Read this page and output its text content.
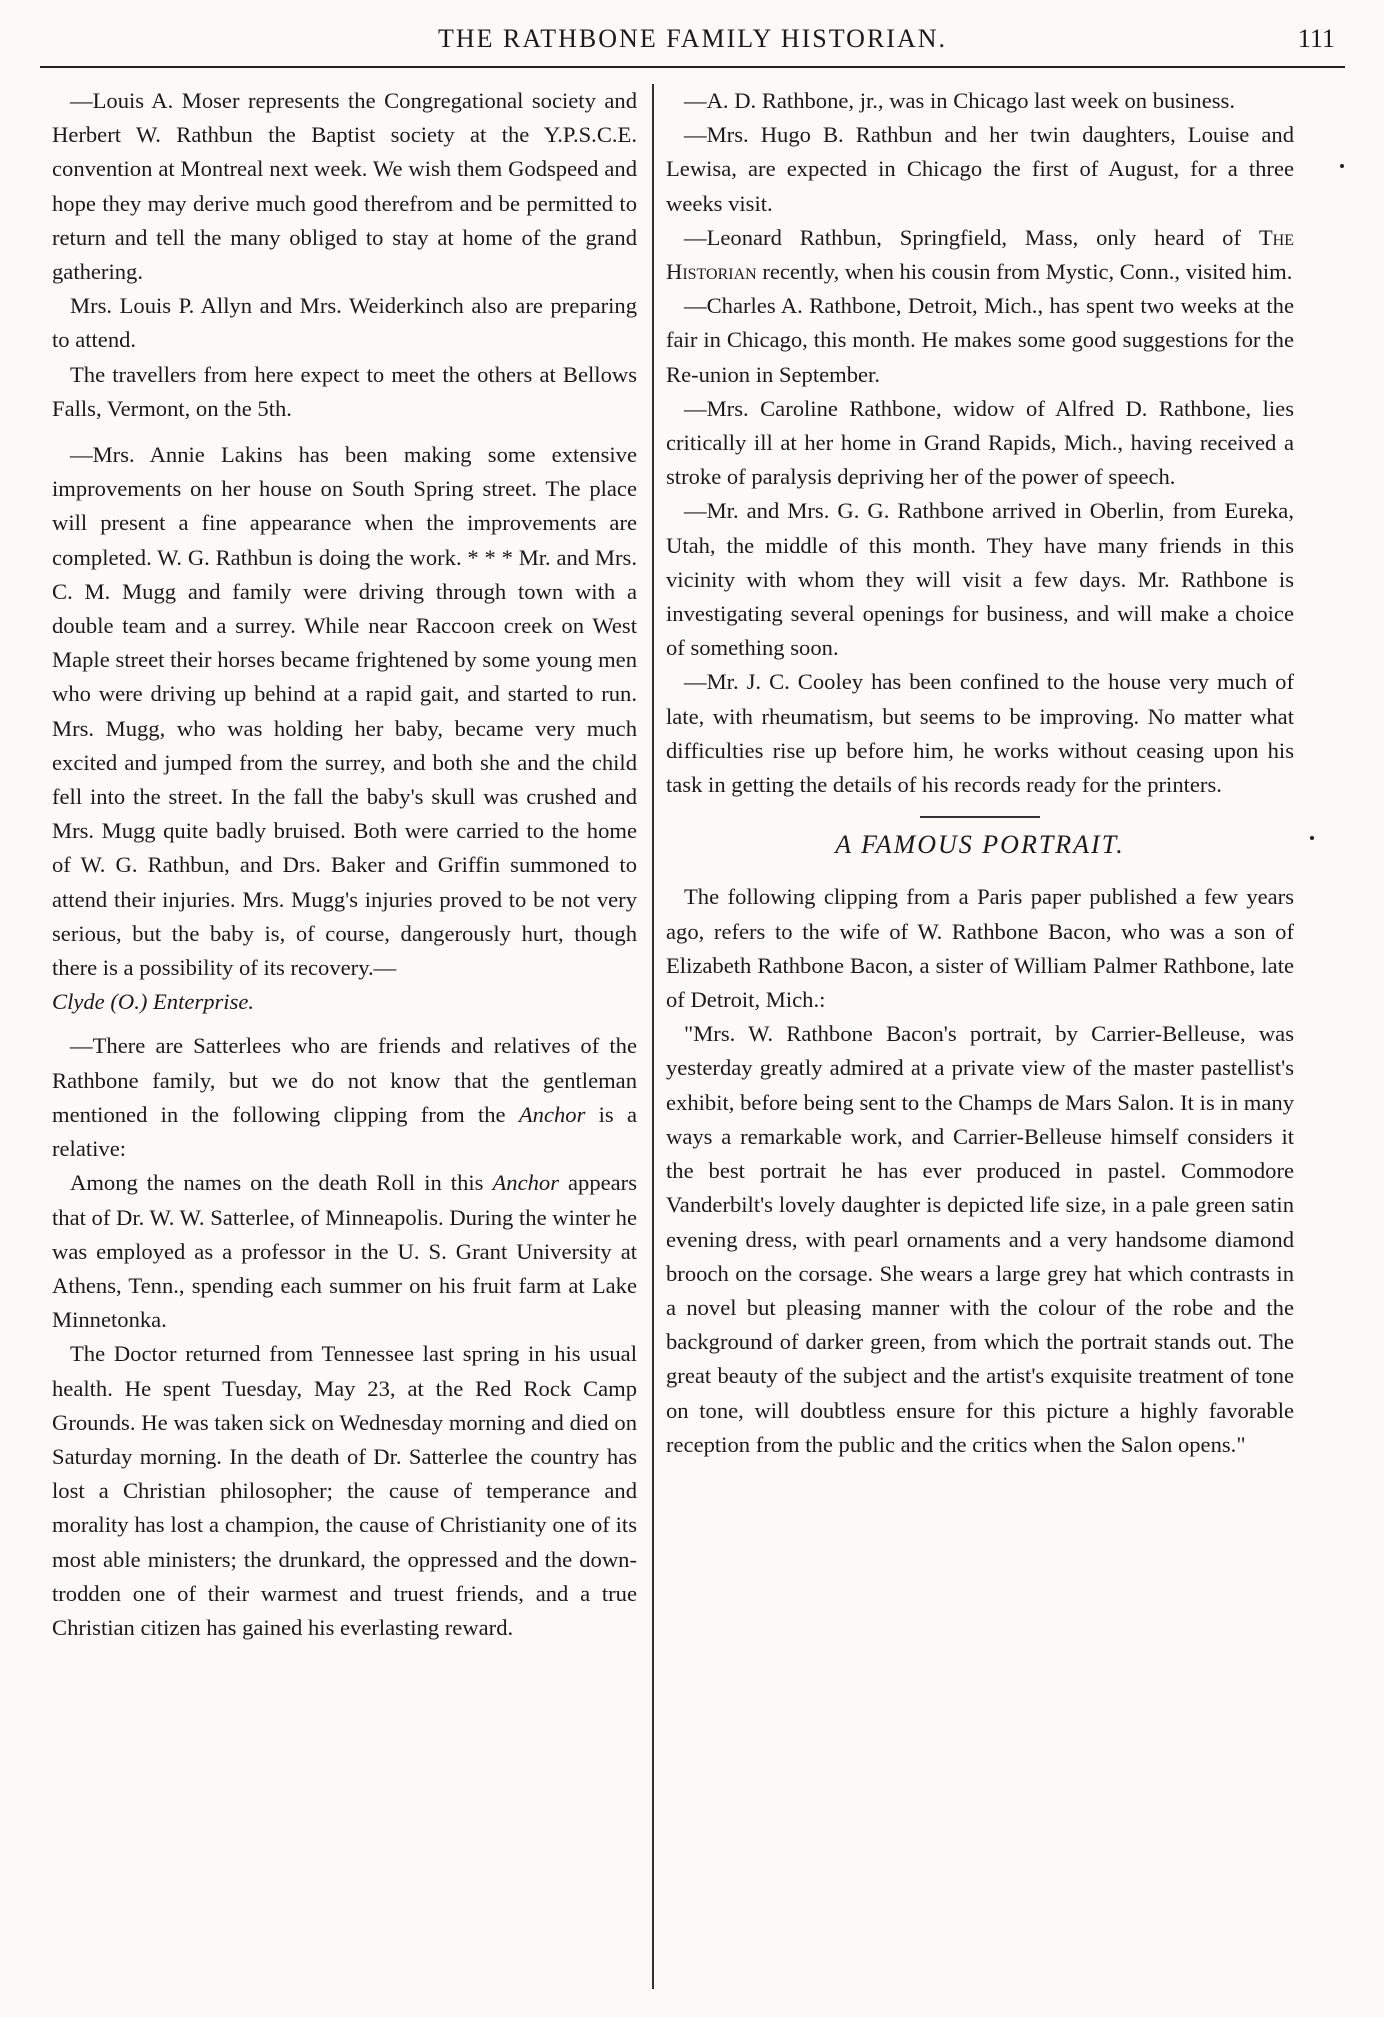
THE RATHBONE FAMILY HISTORIAN.	111

—Louis A. Moser represents the Congregational society and Herbert W. Rathbun the Baptist society at the Y.P.S.C.E. convention at Montreal next week. We wish them Godspeed and hope they may derive much good therefrom and be permitted to return and tell the many obliged to stay at home of the grand gathering.

Mrs. Louis P. Allyn and Mrs. Weiderkinch also are preparing to attend.

The travellers from here expect to meet the others at Bellows Falls, Vermont, on the 5th.

—Mrs. Annie Lakins has been making some extensive improvements on her house on South Spring street. The place will present a fine appearance when the improvements are completed. W. G. Rathbun is doing the work. * * * Mr. and Mrs. C. M. Mugg and family were driving through town with a double team and a surrey. While near Raccoon creek on West Maple street their horses became frightened by some young men who were driving up behind at a rapid gait, and started to run. Mrs. Mugg, who was holding her baby, became very much excited and jumped from the surrey, and both she and the child fell into the street. In the fall the baby's skull was crushed and Mrs. Mugg quite badly bruised. Both were carried to the home of W. G. Rathbun, and Drs. Baker and Griffin summoned to attend their injuries. Mrs. Mugg's injuries proved to be not very serious, but the baby is, of course, dangerously hurt, though there is a possibility of its recovery.—
Clyde (O.) Enterprise.

—There are Satterlees who are friends and relatives of the Rathbone family, but we do not know that the gentleman mentioned in the following clipping from the Anchor is a relative:

Among the names on the death Roll in this Anchor appears that of Dr. W. W. Satterlee, of Minneapolis. During the winter he was employed as a professor in the U. S. Grant University at Athens, Tenn., spending each summer on his fruit farm at Lake Minnetonka.

The Doctor returned from Tennessee last spring in his usual health. He spent Tuesday, May 23, at the Red Rock Camp Grounds. He was taken sick on Wednesday morning and died on Saturday morning. In the death of Dr. Satterlee the country has lost a Christian philosopher; the cause of temperance and morality has lost a champion, the cause of Christianity one of its most able ministers; the drunkard, the oppressed and the down-trodden one of their warmest and truest friends, and a true Christian citizen has gained his everlasting reward.

—A. D. Rathbone, jr., was in Chicago last week on business.

—Mrs. Hugo B. Rathbun and her twin daughters, Louise and Lewisa, are expected in Chicago the first of August, for a three weeks visit.

—Leonard Rathbun, Springfield, Mass, only heard of The Historian recently, when his cousin from Mystic, Conn., visited him.

—Charles A. Rathbone, Detroit, Mich., has spent two weeks at the fair in Chicago, this month. He makes some good suggestions for the Re-union in September.

—Mrs. Caroline Rathbone, widow of Alfred D. Rathbone, lies critically ill at her home in Grand Rapids, Mich., having received a stroke of paralysis depriving her of the power of speech.

—Mr. and Mrs. G. G. Rathbone arrived in Oberlin, from Eureka, Utah, the middle of this month. They have many friends in this vicinity with whom they will visit a few days. Mr. Rathbone is investigating several openings for business, and will make a choice of something soon.

—Mr. J. C. Cooley has been confined to the house very much of late, with rheumatism, but seems to be improving. No matter what difficulties rise up before him, he works without ceasing upon his task in getting the details of his records ready for the printers.

A FAMOUS PORTRAIT.

The following clipping from a Paris paper published a few years ago, refers to the wife of W. Rathbone Bacon, who was a son of Elizabeth Rathbone Bacon, a sister of William Palmer Rathbone, late of Detroit, Mich.:

"Mrs. W. Rathbone Bacon's portrait, by Carrier-Belleuse, was yesterday greatly admired at a private view of the master pastellist's exhibit, before being sent to the Champs de Mars Salon. It is in many ways a remarkable work, and Carrier-Belleuse himself considers it the best portrait he has ever produced in pastel. Commodore Vanderbilt's lovely daughter is depicted life size, in a pale green satin evening dress, with pearl ornaments and a very handsome diamond brooch on the corsage. She wears a large grey hat which contrasts in a novel but pleasing manner with the colour of the robe and the background of darker green, from which the portrait stands out. The great beauty of the subject and the artist's exquisite treatment of tone on tone, will doubtless ensure for this picture a highly favorable reception from the public and the critics when the Salon opens."
